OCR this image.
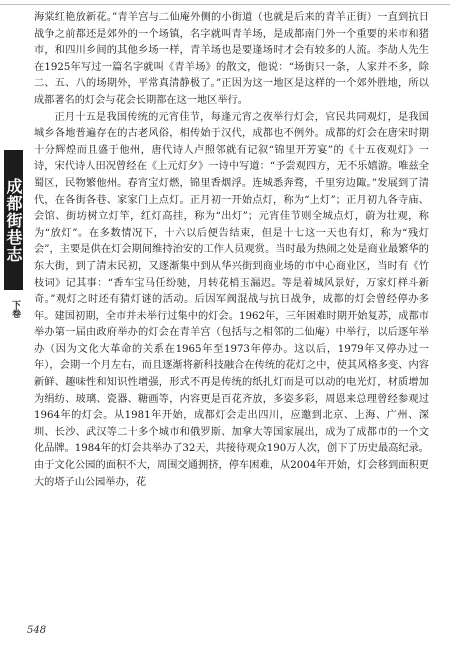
成都街巷志
下卷

海棠红艳放新花。”青羊宫与二仙庵外侧的小街道（也就是后来的青羊正街）一直到抗日战争之前都还是郊外的一个场镇，名字就叫青羊场，是成都南门外一个重要的米市和猪市，和四川乡间的其他乡场一样，青羊场也是要逢场时才会有较多的人流。李劼人先生在1925年写过一篇名字就叫《青羊场》的散文，他说：“场街只一条，人家并不多，除二、五、八的场期外，平常真清静极了。”正因为这一地区是这样的一个郊外胜地，所以成都著名的灯会与花会长期都在这一地区举行。

正月十五是我国传统的元宵佳节，每逢元宵之夜举行灯会，官民共同观灯，是我国城乡各地普遍存在的古老风俗，相传始于汉代，成都也不例外。成都的灯会在唐宋时期十分辉煌而且盛于他州，唐代诗人卢照邻就有记叙“锦里开芳宴”的《十五夜观灯》一诗，宋代诗人田况曾经在《上元灯夕》一诗中写道：“予尝观四方，无不乐嬉游。唯兹全蜀区，民物繁他州。春宵宝灯燃，锦里香烟浮。连城悉奔骛，千里穷边陬。”发展到了清代，在各街各巷、家家门上点灯。正月初一开始点灯，称为“上灯”；正月初九各寺庙、会馆、街坊树立灯竿，红灯高挂，称为“出灯”；元宵佳节则全城点灯，蔚为壮观，称为“放灯”。在多数情况下，十六以后便告结束，但是十七这一天也有灯，称为“残灯会”，主要是供在灯会期间维持治安的工作人员观赏。当时最为热闹之处是商业最繁华的东大街，到了清末民初，又逐渐集中到从华兴街到商业场的市中心商业区，当时有《竹枝词》记其事：“香车宝马任纷驰，月转花梢玉漏迟。等是着城风景好，万家灯样斗新奇。”观灯之时还有猜灯谜的活动。后因军阀混战与抗日战争，成都的灯会曾经停办多年。建国初期，全市并未举行过集中的灯会。1962年，三年困难时期开始复苏，成都市举办第一届由政府举办的灯会在青羊宫（包括与之相邻的二仙庵）中举行，以后逐年举办（因为文化大革命的关系在1965年至1973年停办。这以后，1979年又停办过一年），会期一个月左右，而且逐渐将新科技融合在传统的花灯之中，使其风格多变、内容新鲜、趣味性和知识性增强，形式不再是传统的纸扎灯而是可以动的电光灯，材质增加为绢纺、玻璃、瓷器、糖画等，内容更是百花齐放，多姿多彩，周恩来总理曾经参观过1964年的灯会。从1981年开始，成都灯会走出四川，应邀到北京、上海、广州、深圳、长沙、武汉等二十多个城市和俄罗斯、加拿大等国家展出，成为了成都市的一个文化品牌。1984年的灯会共举办了32天，共接待观众190万人次，创下了历史最高纪录。由于文化公园的面积不大，周围交通拥挤，停车困难，从2004年开始，灯会移到面积更大的塔子山公园举办，花

548
